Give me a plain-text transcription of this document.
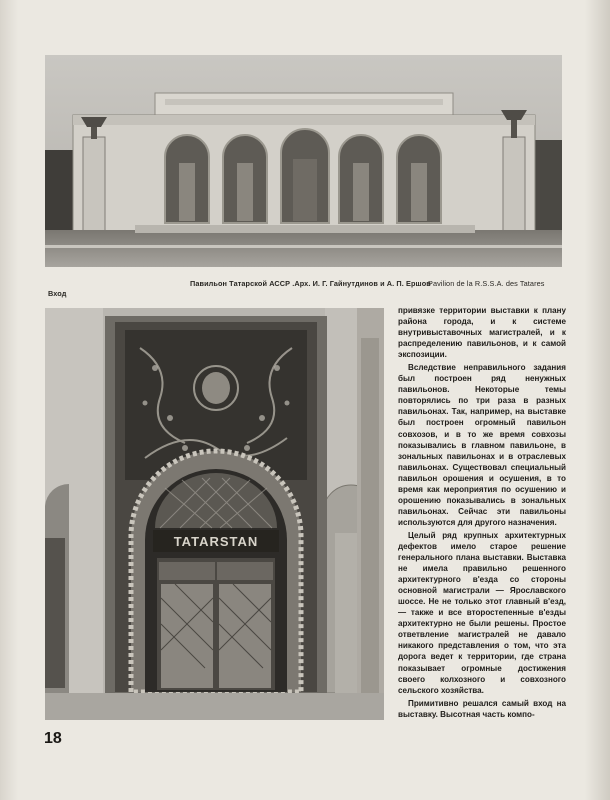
Павильон Татарской АССР .Арх. И. Г. Гайнутдинов и А. П. Ершов
Pavilion de la R.S.S.A. des Tatares
Вход
TATARSTAN

привязке территории выставки к плану района города, и к системе внутривыставочных магистралей, и к распределению павильонов, и к самой экспозиции.

Вследствие неправильного задания был построен ряд ненужных павильонов. Некоторые темы повторялись по три раза в разных павильонах. Так, например, на выставке был построен огромный павильон совхозов, и в то же время совхозы показывались в главном павильоне, в зональных павильонах и в отраслевых павильонах. Существовал специальный павильон орошения и осушения, в то время как мероприятия по осушению и орошению показывались в зональных павильонах. Сейчас эти павильоны используются для другого назначения.

Целый ряд крупных архитектурных дефектов имело старое решение генерального плана выставки. Выставка не имела правильно решенного архитектурного в'езда со стороны основной магистрали — Ярославского шоссе. Не не только этот главный в'езд,— также и все второстепенные в'езды архитектурно не были решены. Простое ответвление магистралей не давало никакого представления о том, что эта дорога ведет к территории, где страна показывает огромные достижения своего колхозного и совхозного сельского хозяйства.

Примитивно решался самый вход на выставку. Высотная часть компо-

18
